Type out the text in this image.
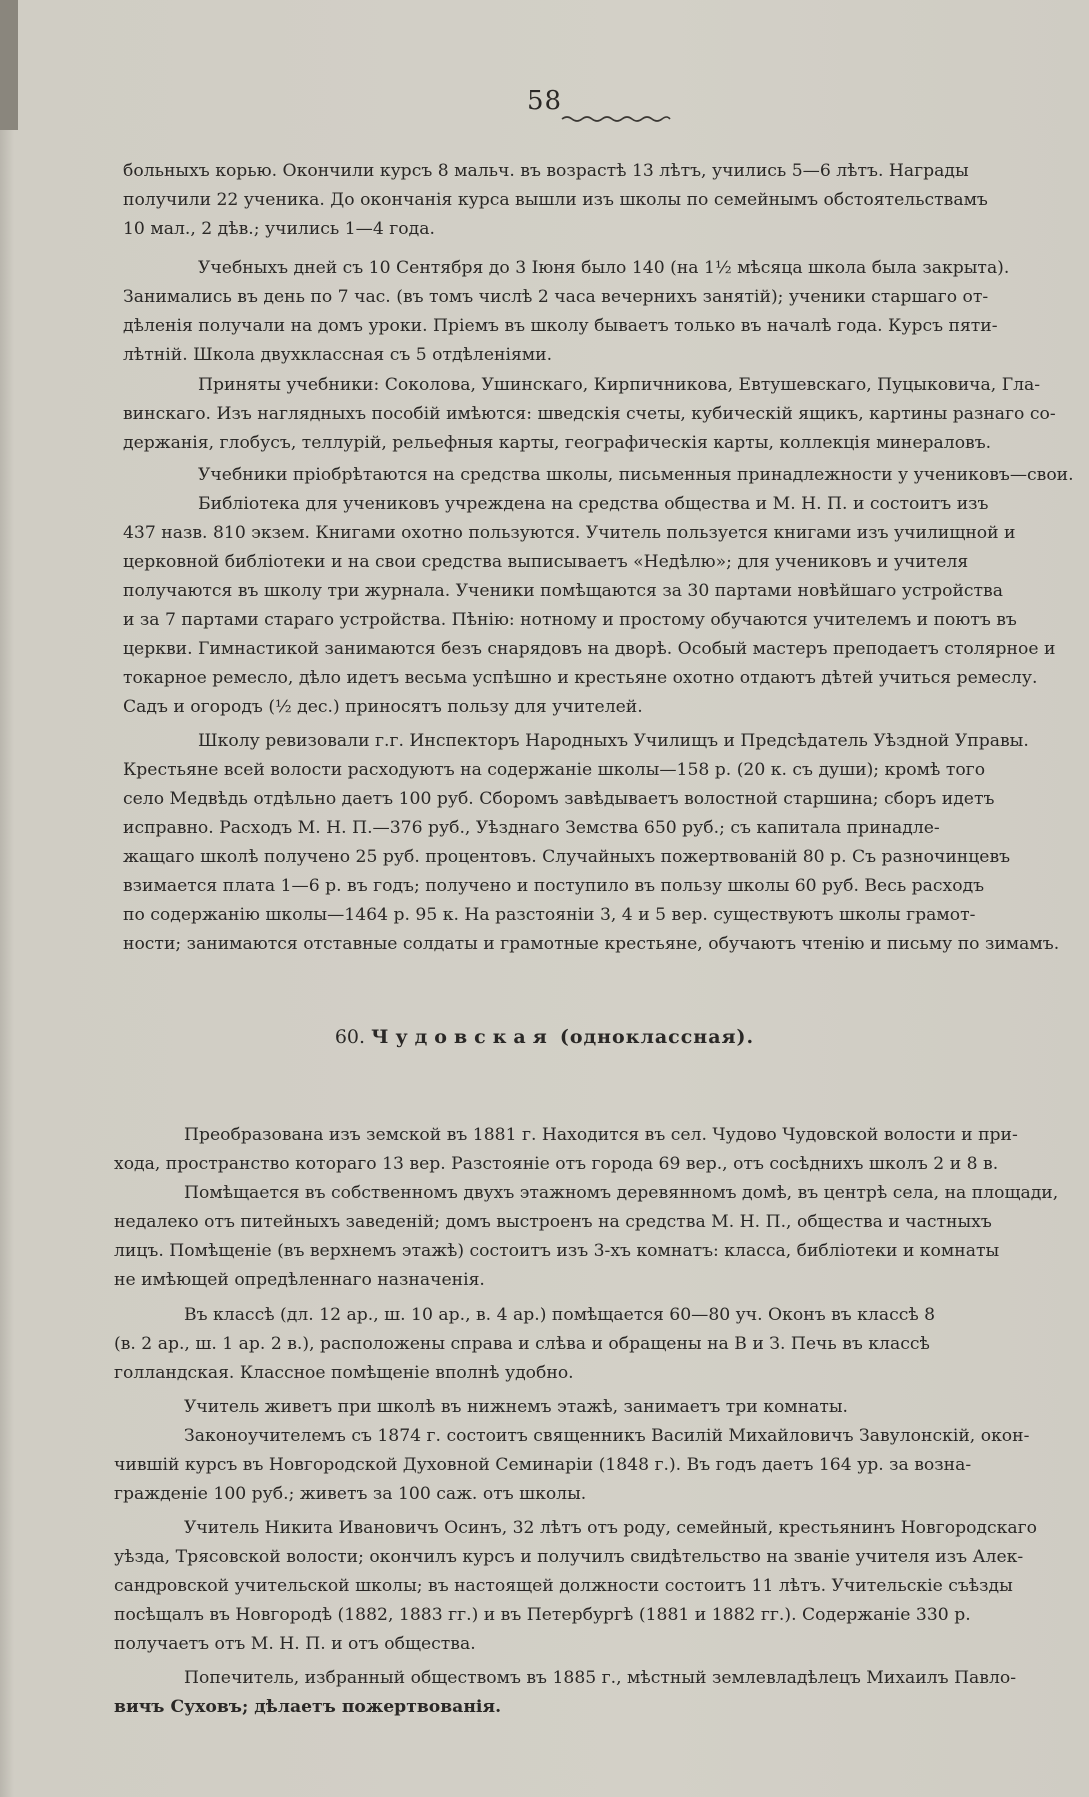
58
больныхъ корью. Окончили курсъ 8 мальч. въ возрастѣ 13 лѣтъ, учились 5—6 лѣтъ. Награды
получили 22 ученика. До окончанія курса вышли изъ школы по семейнымъ обстоятельствамъ
10 мал., 2 дѣв.; учились 1—4 года.
Учебныхъ дней съ 10 Сентября до 3 Іюня было 140 (на 1½ мѣсяца школа была закрыта).
Занимались въ день по 7 час. (въ томъ числѣ 2 часа вечернихъ занятій); ученики старшаго от-
дѣленія получали на домъ уроки. Пріемъ въ школу бываетъ только въ началѣ года. Курсъ пяти-
лѣтній. Школа двухклассная съ 5 отдѣленіями.
Приняты учебники: Соколова, Ушинскаго, Кирпичникова, Евтушевскаго, Пуцыковича, Гла-
винскаго. Изъ наглядныхъ пособій имѣются: шведскія счеты, кубическій ящикъ, картины разнаго со-
держанія, глобусъ, теллурій, рельефныя карты, географическія карты, коллекція минераловъ.
Учебники пріобрѣтаются на средства школы, письменныя принадлежности у учениковъ—свои.
Библіотека для учениковъ учреждена на средства общества и М. Н. П. и состоитъ изъ
437 назв. 810 экзем. Книгами охотно пользуются. Учитель пользуется книгами изъ училищной и
церковной библіотеки и на свои средства выписываетъ «Недѣлю»; для учениковъ и учителя
получаются въ школу три журнала. Ученики помѣщаются за 30 партами новѣйшаго устройства
и за 7 партами стараго устройства. Пѣнію: нотному и простому обучаются учителемъ и поютъ въ
церкви. Гимнастикой занимаются безъ снарядовъ на дворѣ. Особый мастеръ преподаетъ столярное и
токарное ремесло, дѣло идетъ весьма успѣшно и крестьяне охотно отдаютъ дѣтей учиться ремеслу.
Садъ и огородъ (½ дес.) приносятъ пользу для учителей.
Школу ревизовали г.г. Инспекторъ Народныхъ Училищъ и Предсѣдатель Уѣздной Управы.
Крестьяне всей волости расходуютъ на содержаніе школы—158 р. (20 к. съ души); кромѣ того
село Медвѣдь отдѣльно даетъ 100 руб. Сборомъ завѣдываетъ волостной старшина; сборъ идетъ
исправно. Расходъ М. Н. П.—376 руб., Уѣзднаго Земства 650 руб.; съ капитала принадле-
жащаго школѣ получено 25 руб. процентовъ. Случайныхъ пожертвованій 80 р. Съ разночинцевъ
взимается плата 1—6 р. въ годъ; получено и поступило въ пользу школы 60 руб. Весь расходъ
по содержанію школы—1464 р. 95 к. На разстояніи 3, 4 и 5 вер. существуютъ школы грамот-
ности; занимаются отставные солдаты и грамотные крестьяне, обучаютъ чтенію и письму по зимамъ.
60. Чудовская (одноклассная).
Преобразована изъ земской въ 1881 г. Находится въ сел. Чудово Чудовской волости и при-
хода, пространство котораго 13 вер. Разстояніе отъ города 69 вер., отъ сосѣднихъ школъ 2 и 8 в.
Помѣщается въ собственномъ двухъ этажномъ деревянномъ домѣ, въ центрѣ села, на площади,
недалеко отъ питейныхъ заведеній; домъ выстроенъ на средства М. Н. П., общества и частныхъ
лицъ. Помѣщеніе (въ верхнемъ этажѣ) состоитъ изъ 3-хъ комнатъ: класса, библіотеки и комнаты
не имѣющей опредѣленнаго назначенія.
Въ классѣ (дл. 12 ар., ш. 10 ар., в. 4 ар.) помѣщается 60—80 уч. Оконъ въ классѣ 8
(в. 2 ар., ш. 1 ар. 2 в.), расположены справа и слѣва и обращены на В и З. Печь въ классѣ
голландская. Классное помѣщеніе вполнѣ удобно.
Учитель живетъ при школѣ въ нижнемъ этажѣ, занимаетъ три комнаты.
Законоучителемъ съ 1874 г. состоитъ священникъ Василій Михайловичъ Завулонскій, окон-
чившій курсъ въ Новгородской Духовной Семинаріи (1848 г.). Въ годъ даетъ 164 ур. за возна-
гражденіе 100 руб.; живетъ за 100 саж. отъ школы.
Учитель Никита Ивановичъ Осинъ, 32 лѣтъ отъ роду, семейный, крестьянинъ Новгородскаго
уѣзда, Трясовской волости; окончилъ курсъ и получилъ свидѣтельство на званіе учителя изъ Алек-
сандровской учительской школы; въ настоящей должности состоитъ 11 лѣтъ. Учительскіе съѣзды
посѣщалъ въ Новгородѣ (1882, 1883 гг.) и въ Петербургѣ (1881 и 1882 гг.). Содержаніе 330 р.
получаетъ отъ М. Н. П. и отъ общества.
Попечитель, избранный обществомъ въ 1885 г., мѣстный землевладѣлецъ Михаилъ Павло-
вичъ Суховъ; дѣлаетъ пожертвованія.
